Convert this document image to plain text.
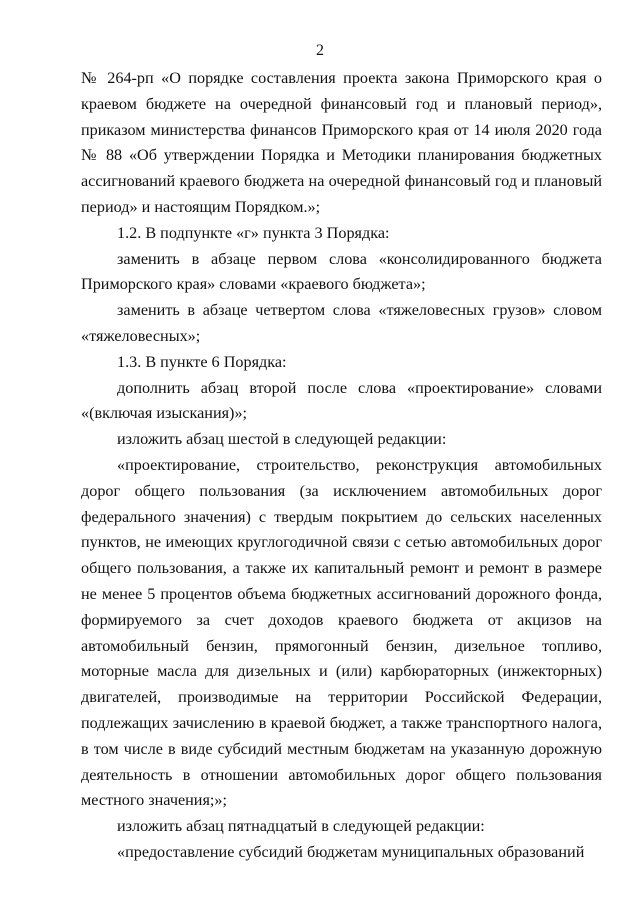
2

№ 264-рп «О порядке составления проекта закона Приморского края о краевом бюджете на очередной финансовый год и плановый период», приказом министерства финансов Приморского края от 14 июля 2020 года № 88 «Об утверждении Порядка и Методики планирования бюджетных ассигнований краевого бюджета на очередной финансовый год и плановый период» и настоящим Порядком.»;

1.2. В подпункте «г» пункта 3 Порядка:

заменить в абзаце первом слова «консолидированного бюджета Приморского края» словами «краевого бюджета»;

заменить в абзаце четвертом слова «тяжеловесных грузов» словом «тяжеловесных»;

1.3. В пункте 6 Порядка:

дополнить абзац второй после слова «проектирование» словами «(включая изыскания)»;

изложить абзац шестой в следующей редакции:

«проектирование, строительство, реконструкция автомобильных дорог общего пользования (за исключением автомобильных дорог федерального значения) с твердым покрытием до сельских населенных пунктов, не имеющих круглогодичной связи с сетью автомобильных дорог общего пользования, а также их капитальный ремонт и ремонт в размере не менее 5 процентов объема бюджетных ассигнований дорожного фонда, формируемого за счет доходов краевого бюджета от акцизов на автомобильный бензин, прямогонный бензин, дизельное топливо, моторные масла для дизельных и (или) карбюраторных (инжекторных) двигателей, производимые на территории Российской Федерации, подлежащих зачислению в краевой бюджет, а также транспортного налога, в том числе в виде субсидий местным бюджетам на указанную дорожную деятельность в отношении автомобильных дорог общего пользования местного значения;»;

изложить абзац пятнадцатый в следующей редакции:

«предоставление субсидий бюджетам муниципальных образований
